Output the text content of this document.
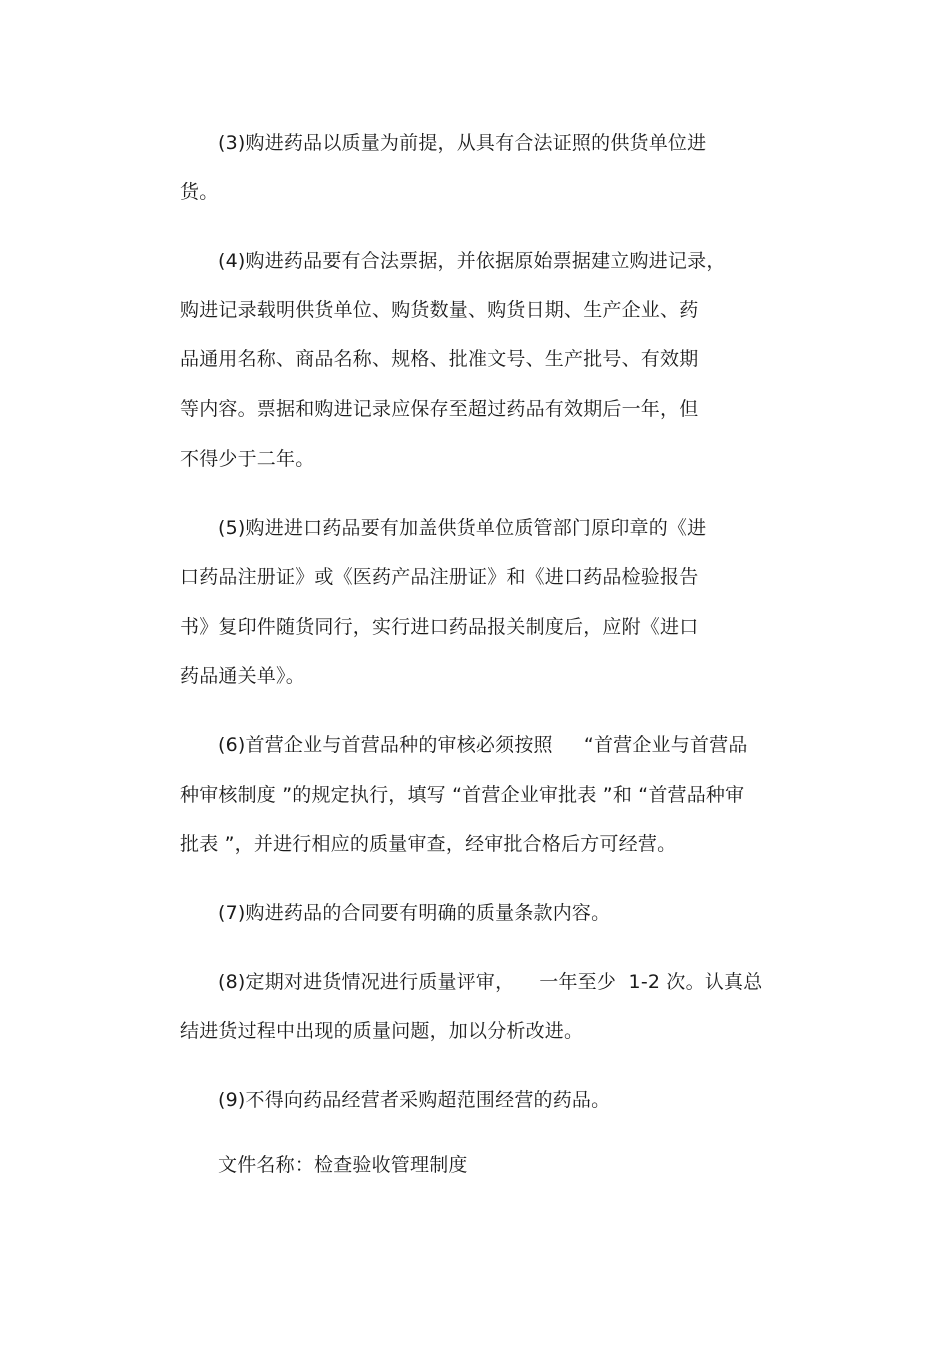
(3)购进药品以质量为前提，从具有合法证照的供货单位进
货。
(4)购进药品要有合法票据，并依据原始票据建立购进记录，
购进记录载明供货单位、购货数量、购货日期、生产企业、药
品通用名称、商品名称、规格、批准文号、生产批号、有效期
等内容。票据和购进记录应保存至超过药品有效期后一年，但
不得少于二年。
(5)购进进口药品要有加盖供货单位质管部门原印章的《进
口药品注册证》或《医药产品注册证》和《进口药品检验报告
书》复印件随货同行，实行进口药品报关制度后，应附《进口
药品通关单》。
(6)首营企业与首营品种的审核必须按照     “首营企业与首营品
种审核制度 ”的规定执行，填写 “首营企业审批表 ”和 “首营品种审
批表 ”，并进行相应的质量审查，经审批合格后方可经营。
(7)购进药品的合同要有明确的质量条款内容。
(8)定期对进货情况进行质量评审，    一年至少  1-2 次。认真总
结进货过程中出现的质量问题，加以分析改进。
(9)不得向药品经营者采购超范围经营的药品。
文件名称：检查验收管理制度
